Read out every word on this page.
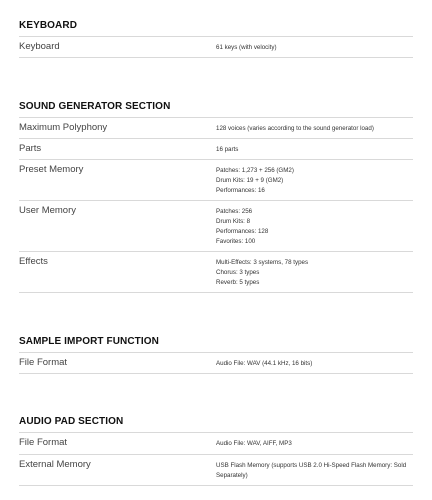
KEYBOARD
Keyboard	61 keys (with velocity)
SOUND GENERATOR SECTION
Maximum Polyphony	128 voices (varies according to the sound generator load)
Parts	16 parts
Preset Memory	Patches: 1,273 + 256 (GM2)
Drum Kits: 19 + 9 (GM2)
Performances: 16
User Memory	Patches: 256
Drum Kits: 8
Performances: 128
Favorites: 100
Effects	Multi-Effects: 3 systems, 78 types
Chorus: 3 types
Reverb: 5 types
SAMPLE IMPORT FUNCTION
File Format	Audio File: WAV (44.1 kHz, 16 bits)
AUDIO PAD SECTION
File Format	Audio File: WAV, AIFF, MP3
External Memory	USB Flash Memory (supports USB 2.0 Hi-Speed Flash Memory: Sold Separately)
